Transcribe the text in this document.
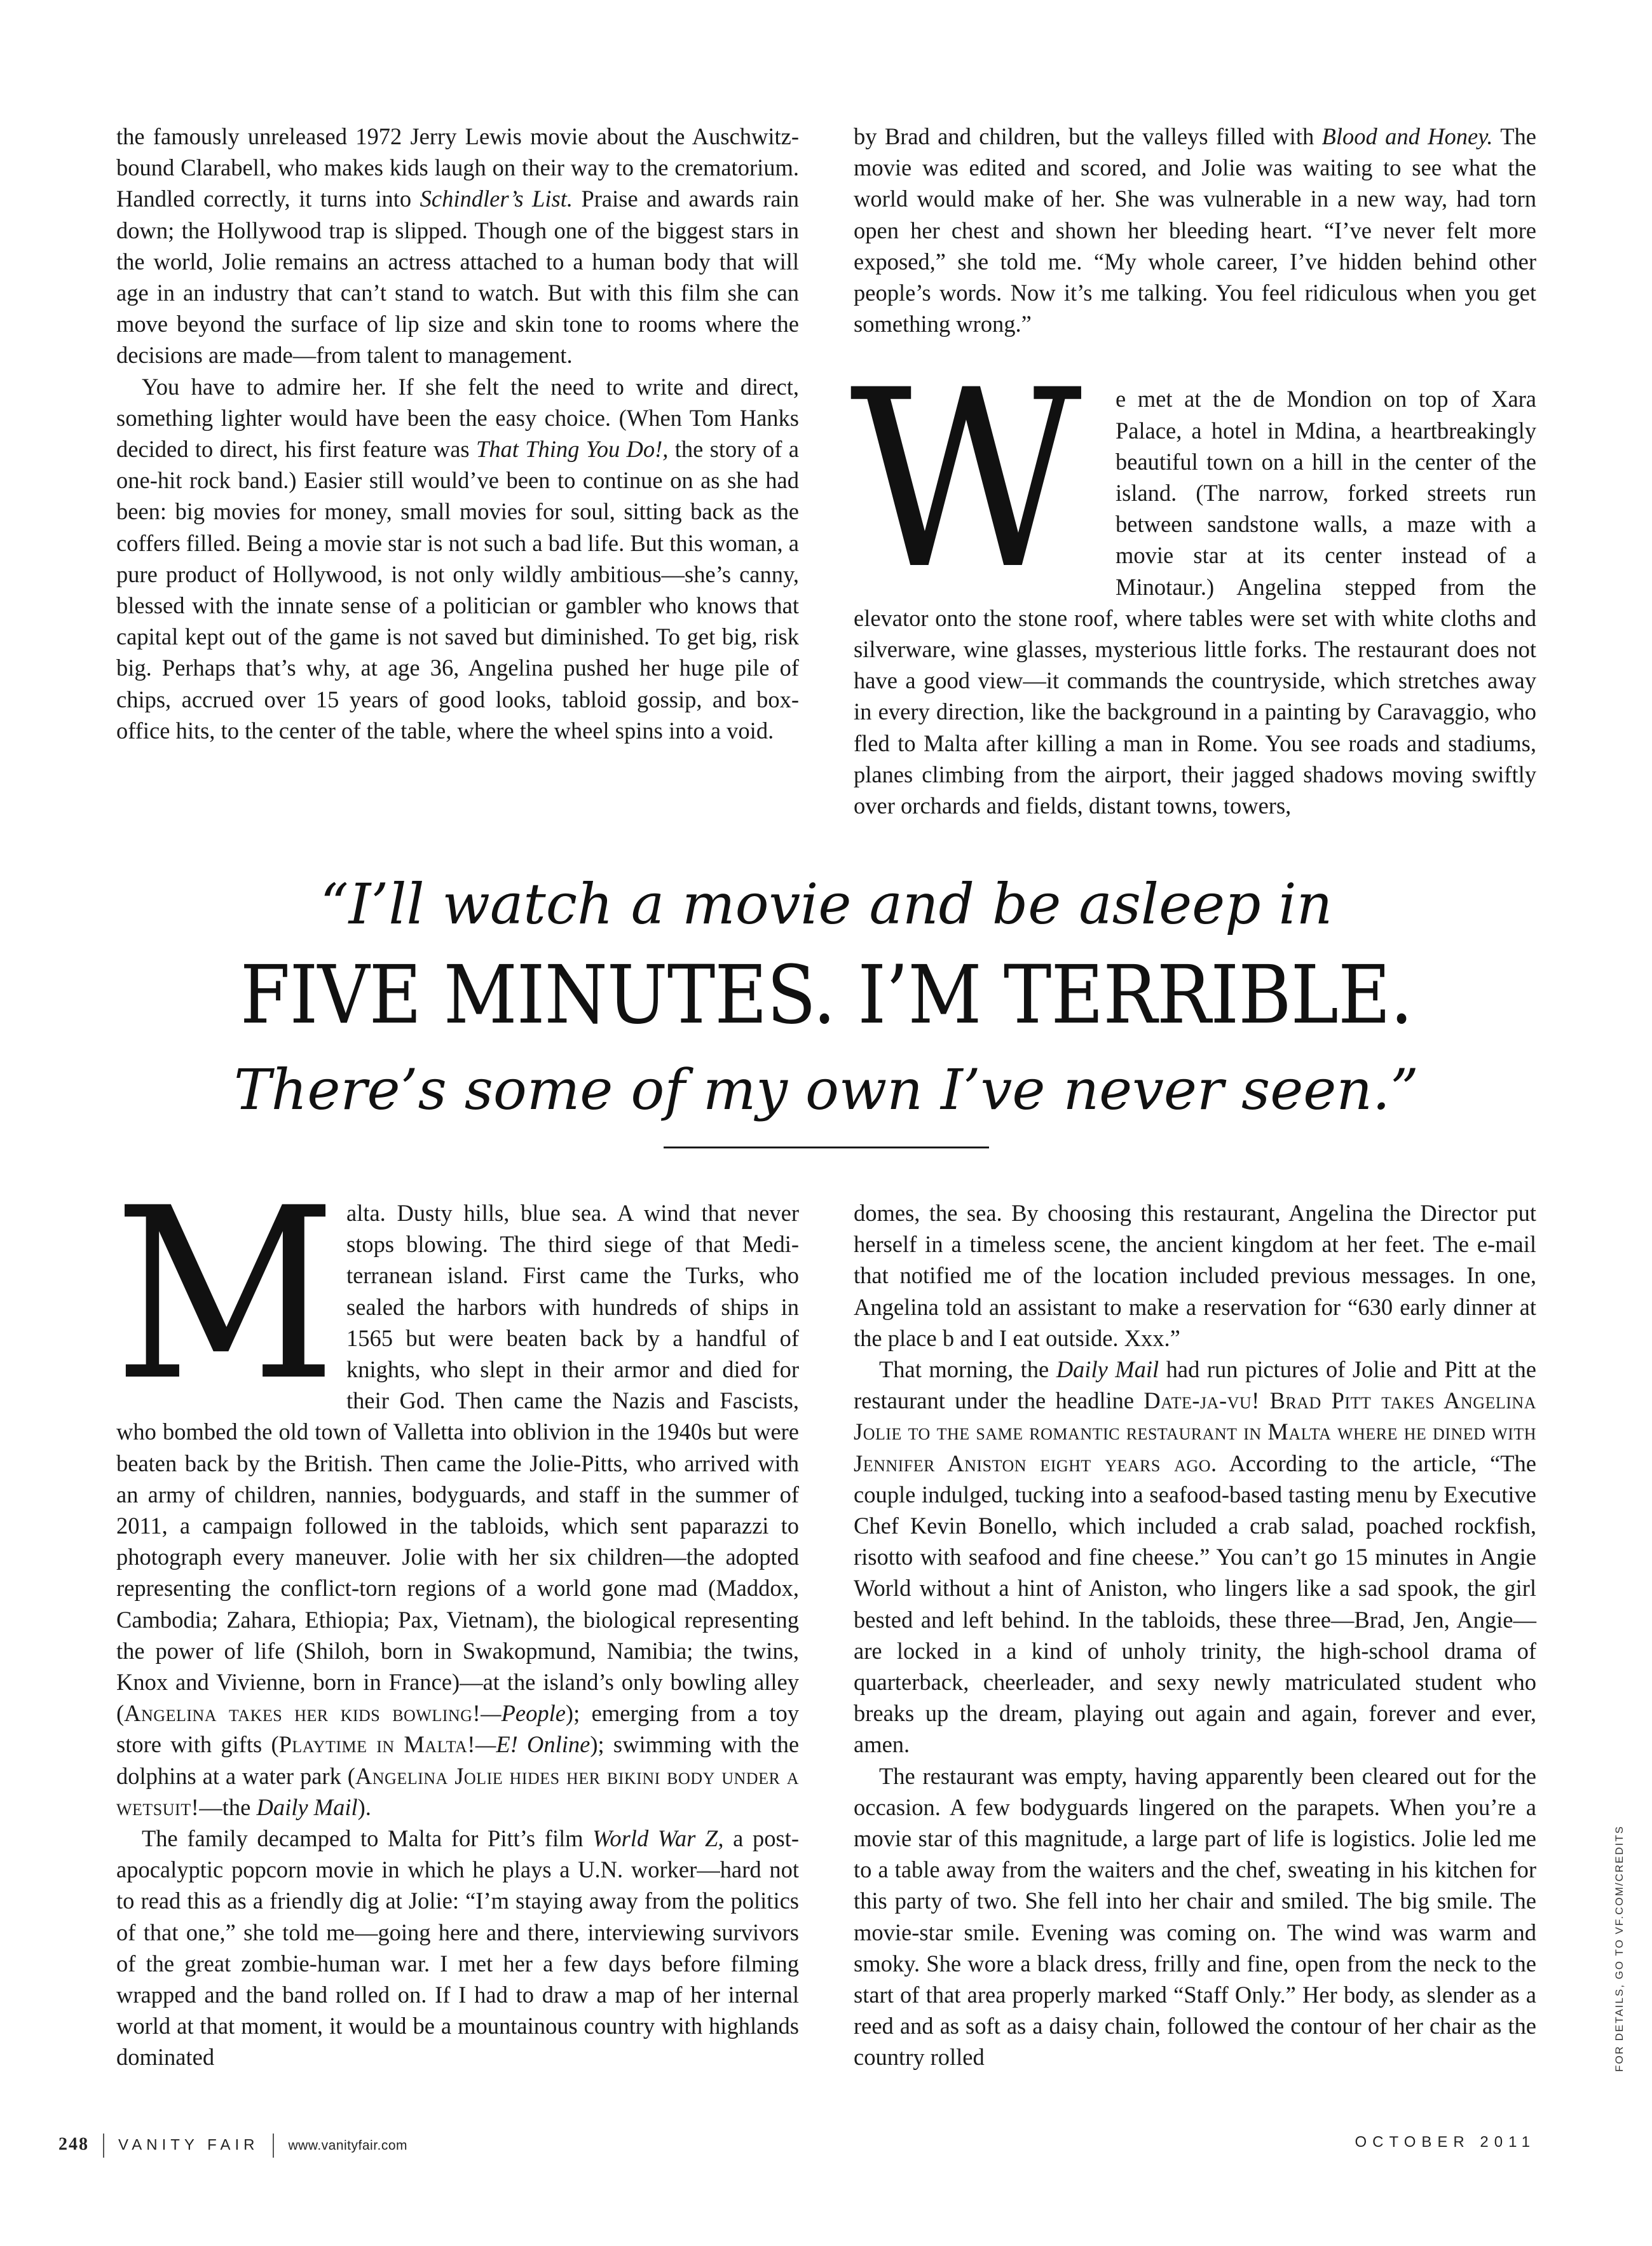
the famously unreleased 1972 Jerry Lewis movie about the Auschwitz-bound Clarabell, who makes kids laugh on their way to the crematorium. Handled correctly, it turns into Schindler’s List. Praise and awards rain down; the Hollywood trap is slipped. Though one of the biggest stars in the world, Jolie remains an actress attached to a human body that will age in an industry that can’t stand to watch. But with this film she can move beyond the surface of lip size and skin tone to rooms where the decisions are made—from talent to management.

You have to admire her. If she felt the need to write and direct, something lighter would have been the easy choice. (When Tom Hanks decided to direct, his first feature was That Thing You Do!, the story of a one-hit rock band.) Easier still would’ve been to continue on as she had been: big movies for money, small movies for soul, sitting back as the coffers filled. Being a movie star is not such a bad life. But this woman, a pure product of Hollywood, is not only wildly ambitious—she’s canny, blessed with the innate sense of a politician or gambler who knows that capital kept out of the game is not saved but diminished. To get big, risk big. Perhaps that’s why, at age 36, Angelina pushed her huge pile of chips, accrued over 15 years of good looks, tabloid gossip, and box-office hits, to the center of the table, where the wheel spins into a void.

by Brad and children, but the valleys filled with Blood and Honey. The movie was edited and scored, and Jolie was waiting to see what the world would make of her. She was vulnerable in a new way, had torn open her chest and shown her bleeding heart. “I’ve never felt more exposed,” she told me. “My whole career, I’ve hidden behind other people’s words. Now it’s me talking. You feel ridiculous when you get something wrong.”

W e met at the de Mondion on top of Xara Palace, a hotel in Mdina, a heartbreakingly beautiful town on a hill in the center of the island. (The narrow, forked streets run between sandstone walls, a maze with a movie star at its center instead of a Minotaur.) Angelina stepped from the elevator onto the stone roof, where tables were set with white cloths and silverware, wine glasses, mysterious little forks. The restaurant does not have a good view—it commands the countryside, which stretches away in every direction, like the background in a painting by Caravaggio, who fled to Malta after killing a man in Rome. You see roads and stadiums, planes climbing from the airport, their jagged shadows moving swiftly over orchards and fields, distant towns, towers,

“I’ll watch a movie and be asleep in
FIVE MINUTES. I’M TERRIBLE.
There’s some of my own I’ve never seen.”

Malta. Dusty hills, blue sea. A wind that never stops blowing. The third siege of that Mediterranean island. First came the Turks, who sealed the harbors with hundreds of ships in 1565 but were beaten back by a handful of knights, who slept in their armor and died for their God. Then came the Nazis and Fascists, who bombed the old town of Valletta into oblivion in the 1940s but were beaten back by the British. Then came the Jolie-Pitts, who arrived with an army of children, nannies, bodyguards, and staff in the summer of 2011, a campaign followed in the tabloids, which sent paparazzi to photograph every maneuver. Jolie with her six children—the adopted representing the conflict-torn regions of a world gone mad (Maddox, Cambodia; Zahara, Ethiopia; Pax, Vietnam), the biological representing the power of life (Shiloh, born in Swakopmund, Namibia; the twins, Knox and Vivienne, born in France)—at the island’s only bowling alley (Angelina takes her kids bowling!—People); emerging from a toy store with gifts (Playtime in Malta!—E! Online); swimming with the dolphins at a water park (Angelina Jolie hides her bikini body under a wetsuit!—the Daily Mail).

The family decamped to Malta for Pitt’s film World War Z, a post-apocalyptic popcorn movie in which he plays a U.N. worker—hard not to read this as a friendly dig at Jolie: “I’m staying away from the politics of that one,” she told me—going here and there, interviewing survivors of the great zombie-human war. I met her a few days before filming wrapped and the band rolled on. If I had to draw a map of her internal world at that moment, it would be a mountainous country with highlands dominated

domes, the sea. By choosing this restaurant, Angelina the Director put herself in a timeless scene, the ancient kingdom at her feet. The e-mail that notified me of the location included previous messages. In one, Angelina told an assistant to make a reservation for “630 early dinner at the place b and I eat outside. Xxx.”

That morning, the Daily Mail had run pictures of Jolie and Pitt at the restaurant under the headline Date-ja-vu! Brad Pitt takes Angelina Jolie to the same romantic restaurant in Malta where he dined with Jennifer Aniston eight years ago. According to the article, “The couple indulged, tucking into a seafood-based tasting menu by Executive Chef Kevin Bonello, which included a crab salad, poached rockfish, risotto with seafood and fine cheese.” You can’t go 15 minutes in Angie World without a hint of Aniston, who lingers like a sad spook, the girl bested and left behind. In the tabloids, these three—Brad, Jen, Angie—are locked in a kind of unholy trinity, the high-school drama of quarterback, cheerleader, and sexy newly matriculated student who breaks up the dream, playing out again and again, forever and ever, amen.

The restaurant was empty, having apparently been cleared out for the occasion. A few bodyguards lingered on the parapets. When you’re a movie star of this magnitude, a large part of life is logistics. Jolie led me to a table away from the waiters and the chef, sweating in his kitchen for this party of two. She fell into her chair and smiled. The big smile. The movie-star smile. Evening was coming on. The wind was warm and smoky. She wore a black dress, frilly and fine, open from the neck to the start of that area properly marked “Staff Only.” Her body, as slender as a reed and as soft as a daisy chain, followed the contour of her chair as the country rolled	FOR DETAILS, GO TO VF.COM/CREDITS
248 VANITY FAIR www.vanityfair.com	OCTOBER 2011
